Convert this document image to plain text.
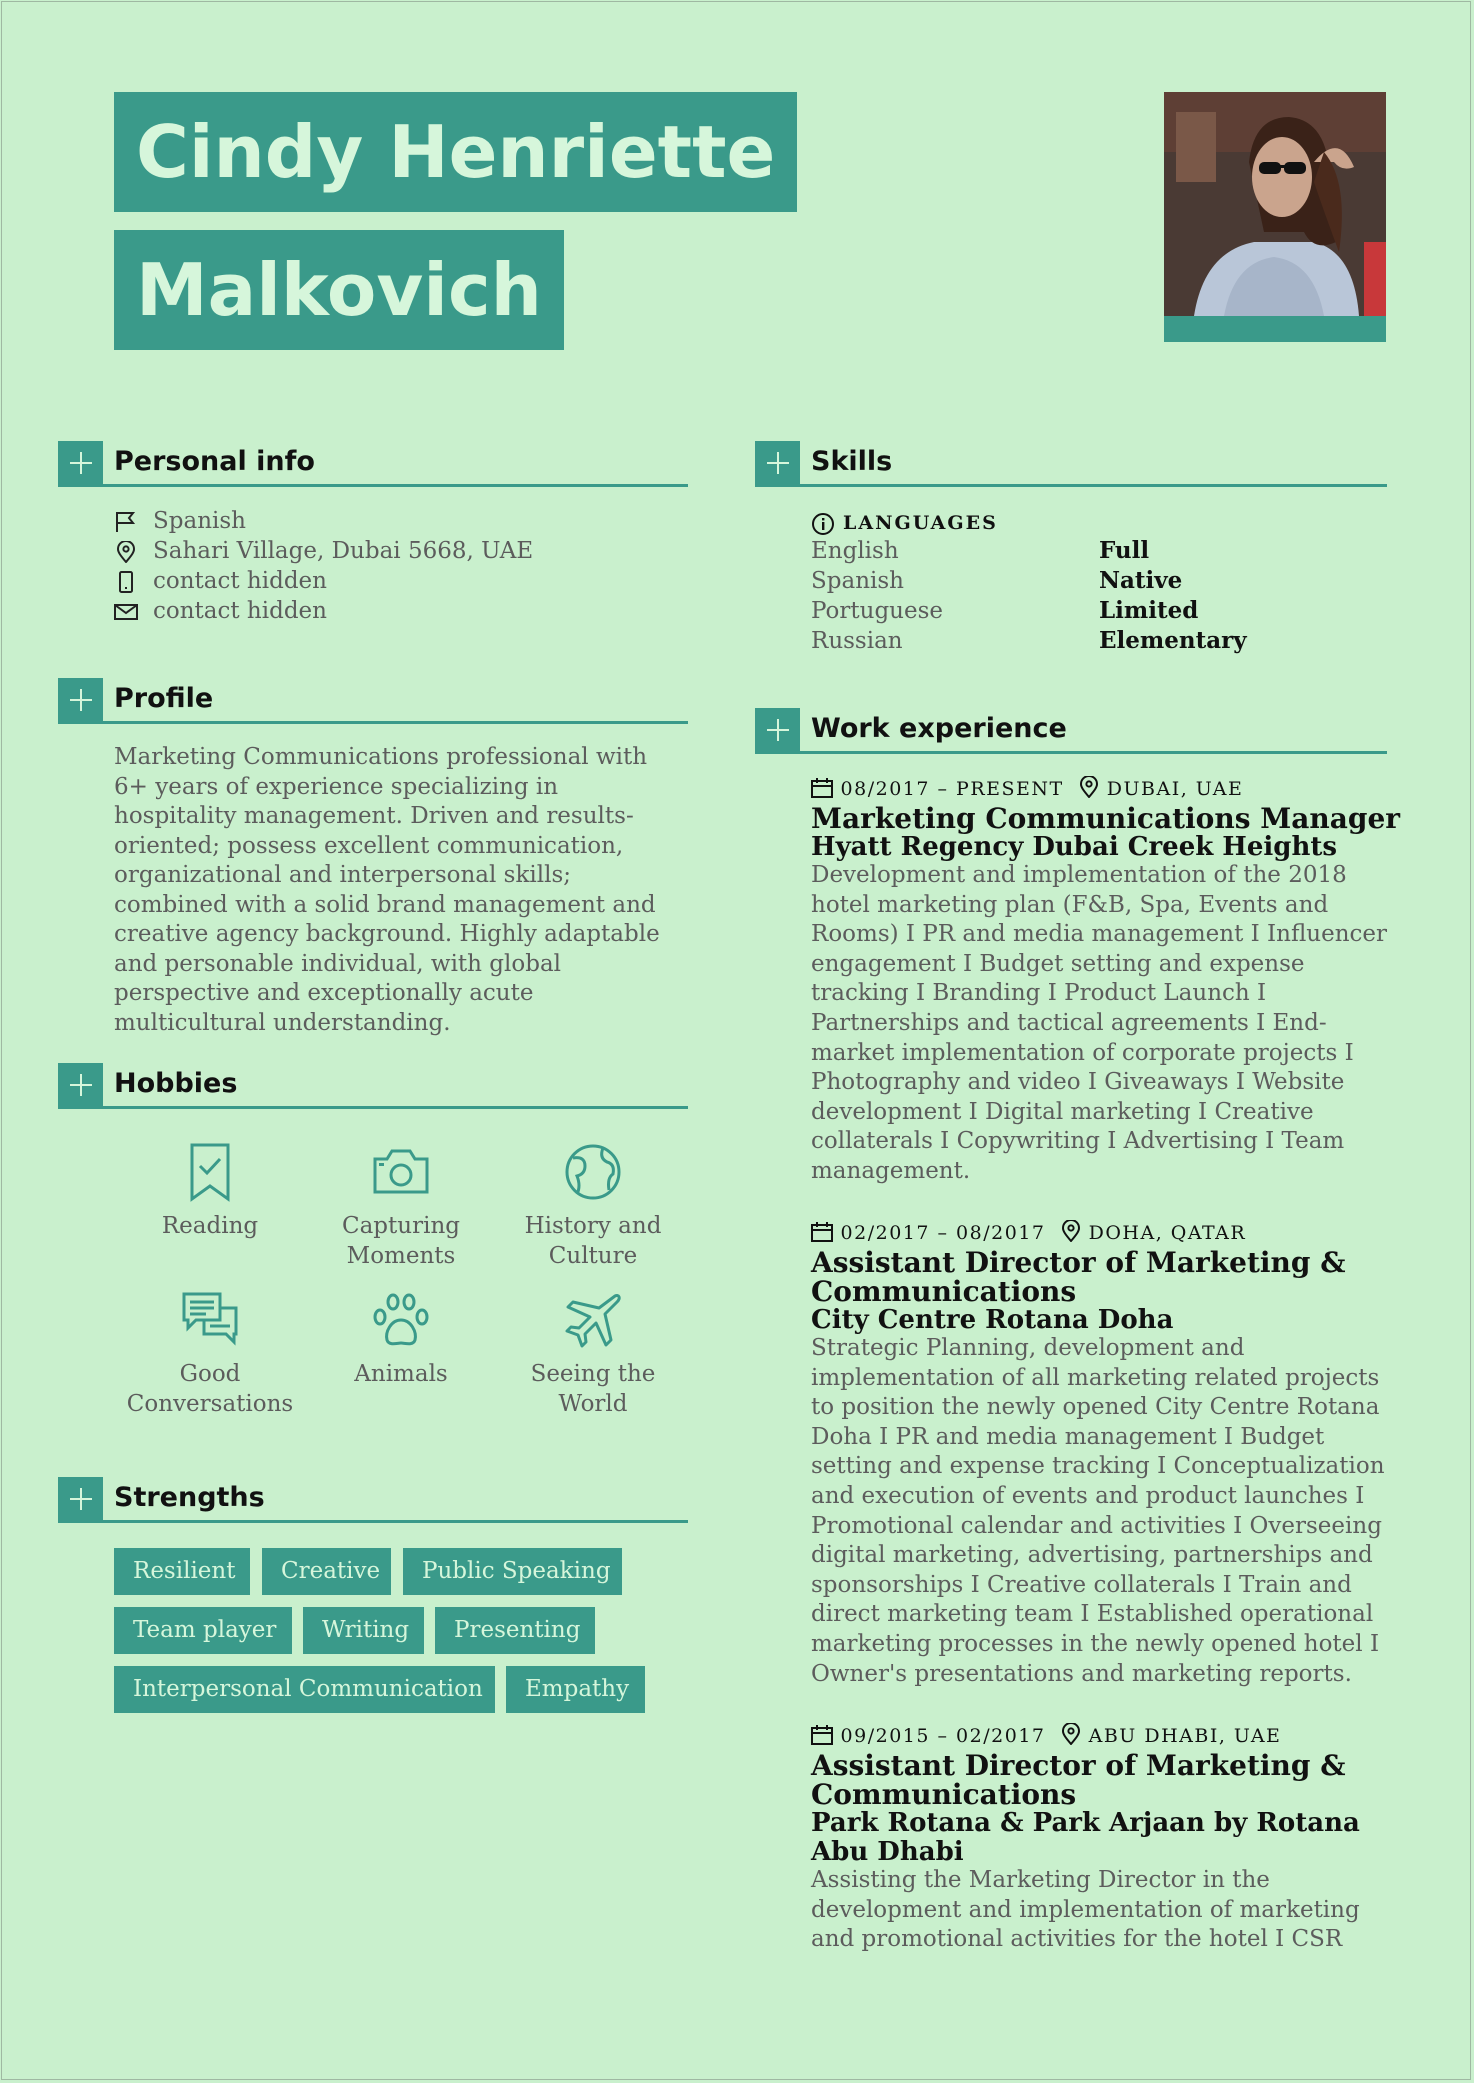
Cindy Henriette
Malkovich
Personal info
Spanish
Sahari Village, Dubai 5668, UAE
contact hidden
contact hidden
Profile

Marketing Communications professional with 6+ years of experience specializing in hospitality management. Driven and results-oriented; possess excellent communication, organizational and interpersonal skills; combined with a solid brand management and creative agency background. Highly adaptable and personable individual, with global perspective and exceptionally acute multicultural understanding.

Hobbies
Reading	Capturing
Moments
History and
Culture
Good
Conversations
Animals	Seeing the
World
Strengths
Resilient	Creative	Public Speaking
Team player	Writing	Presenting
Interpersonal Communication	Empathy
Skills
LANGUAGES
English	Full
Spanish	Native
Portuguese	Limited
Russian	Elementary
Work experience
08/2017 – PRESENT DUBAI, UAE

Marketing Communications Manager

Hyatt Regency Dubai Creek Heights

Development and implementation of the 2018 hotel marketing plan (F&B, Spa, Events and Rooms) I PR and media management I Influencer engagement I Budget setting and expense tracking I Branding I Product Launch I Partnerships and tactical agreements I End-market implementation of corporate projects I Photography and video I Giveaways I Website development I Digital marketing I Creative collaterals I Copywriting I Advertising I Team management.

02/2017 – 08/2017 DOHA, QATAR

Assistant Director of Marketing & Communications

City Centre Rotana Doha

Strategic Planning, development and implementation of all marketing related projects to position the newly opened City Centre Rotana Doha I PR and media management I Budget setting and expense tracking I Conceptualization and execution of events and product launches I Promotional calendar and activities I Overseeing digital marketing, advertising, partnerships and sponsorships I Creative collaterals I Train and direct marketing team I Established operational marketing processes in the newly opened hotel I Owner's presentations and marketing reports.

09/2015 – 02/2017 ABU DHABI, UAE

Assistant Director of Marketing & Communications

Park Rotana & Park Arjaan by Rotana Abu Dhabi

Assisting the Marketing Director in the development and implementation of marketing and promotional activities for the hotel I CSR
